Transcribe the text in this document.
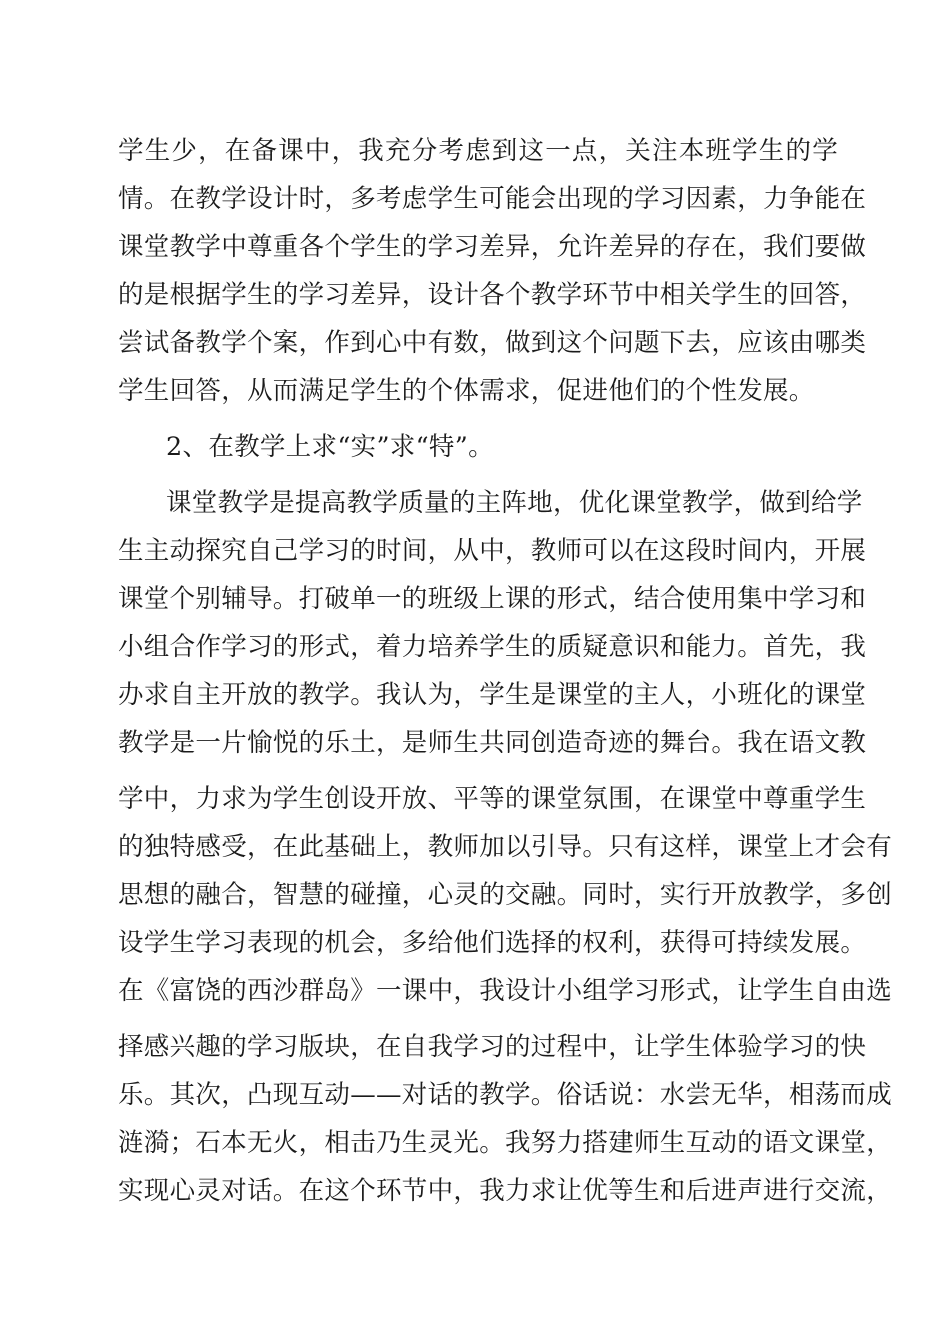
学生少，在备课中，我充分考虑到这一点，关注本班学生的学
情。在教学设计时，多考虑学生可能会出现的学习因素，力争能在
课堂教学中尊重各个学生的学习差异，允许差异的存在，我们要做
的是根据学生的学习差异，设计各个教学环节中相关学生的回答，
尝试备教学个案，作到心中有数，做到这个问题下去，应该由哪类
学生回答，从而满足学生的个体需求，促进他们的个性发展。
2、在教学上求“实”求“特”。
课堂教学是提高教学质量的主阵地，优化课堂教学，做到给学
生主动探究自己学习的时间，从中，教师可以在这段时间内，开展
课堂个别辅导。打破单一的班级上课的形式，结合使用集中学习和
小组合作学习的形式，着力培养学生的质疑意识和能力。首先，我
办求自主开放的教学。我认为，学生是课堂的主人，小班化的课堂
教学是一片愉悦的乐土，是师生共同创造奇迹的舞台。我在语文教
学中，力求为学生创设开放、平等的课堂氛围，在课堂中尊重学生
的独特感受，在此基础上，教师加以引导。只有这样，课堂上才会有
思想的融合，智慧的碰撞，心灵的交融。同时，实行开放教学，多创
设学生学习表现的机会，多给他们选择的权利，获得可持续发展。
在《富饶的西沙群岛》一课中，我设计小组学习形式，让学生自由选
择感兴趣的学习版块，在自我学习的过程中，让学生体验学习的快
乐。其次，凸现互动——对话的教学。俗话说：水尝无华，相荡而成
涟漪；石本无火，相击乃生灵光。我努力搭建师生互动的语文课堂，
实现心灵对话。在这个环节中，我力求让优等生和后进声进行交流，
